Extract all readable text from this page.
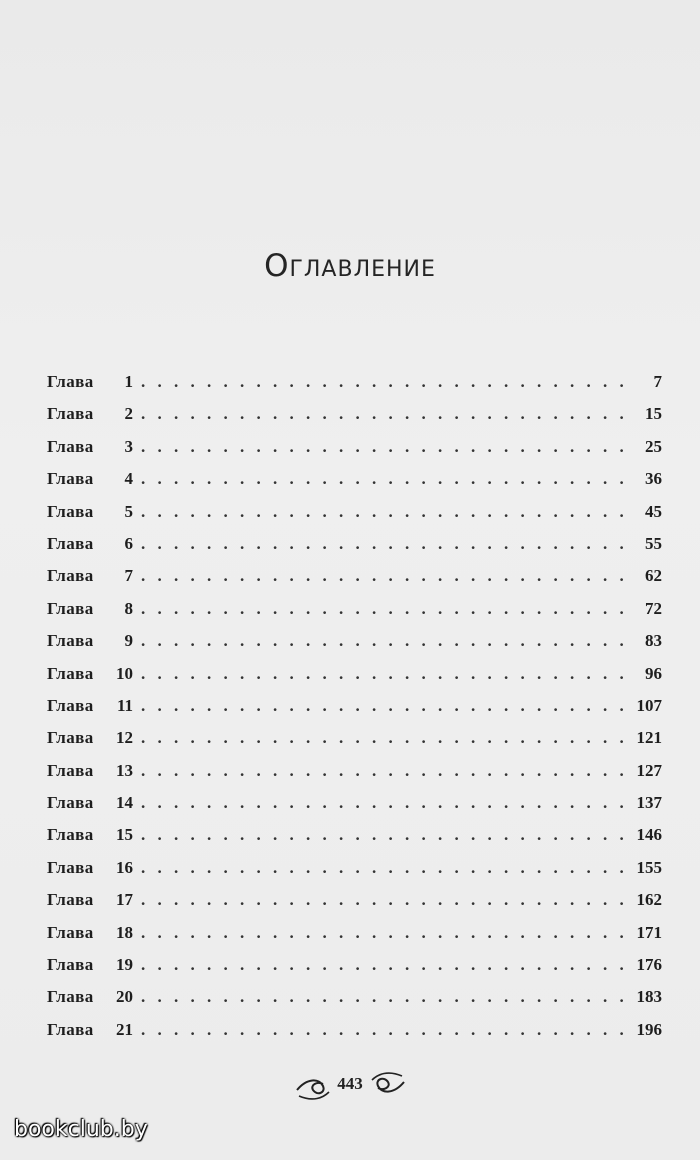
Оглавление
Глава	1 . . .	7
Глава	2 . . .	15
Глава	3 . . .	25
Глава	4 . . .	36
Глава	5 . . .	45
Глава	6 . . .	55
Глава	7 . . .	62
Глава	8 . . .	72
Глава	9 . . .	83
Глава	10 . . .	96
Глава	11 . . .	107
Глава	12 . . .	121
Глава	13 . . .	127
Глава	14 . . .	137
Глава	15 . . .	146
Глава	16 . . .	155
Глава	17 . . .	162
Глава	18 . . .	171
Глава	19 . . .	176
Глава	20 . . .	183
Глава	21 . . .	196
443
bookclub.by
